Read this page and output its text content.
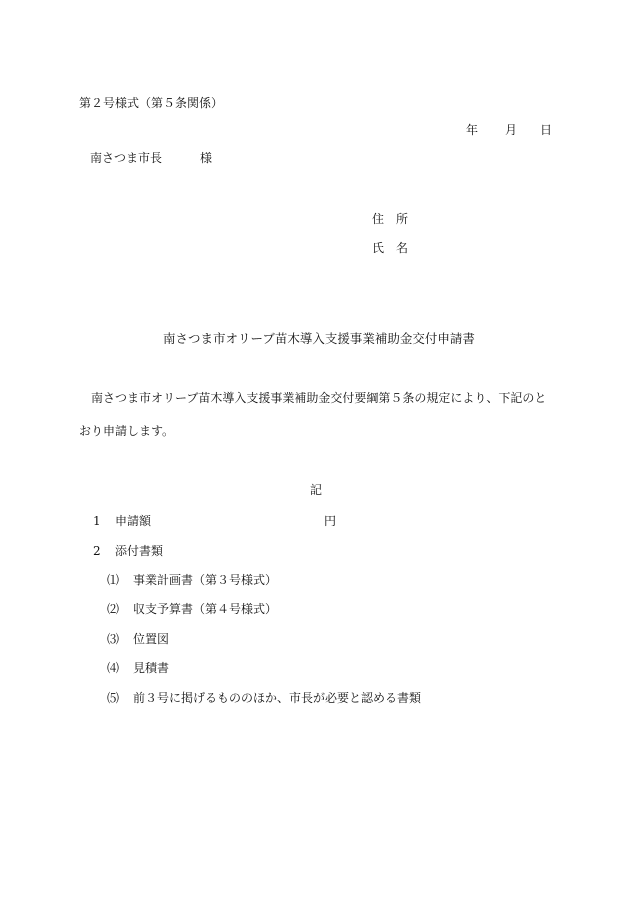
第２号様式（第５条関係）
年 月 日
南さつま市長	様
住　所
氏　名
南さつま市オリーブ苗木導入支援事業補助金交付申請書
南さつま市オリーブ苗木導入支援事業補助金交付要綱第５条の規定により、下記のと
おり申請します。
記
1 申請額	円
2 添付書類
⑴ 事業計画書（第３号様式）
⑵ 収支予算書（第４号様式）
⑶ 位置図
⑷ 見積書
⑸ 前３号に掲げるもののほか、市長が必要と認める書類
